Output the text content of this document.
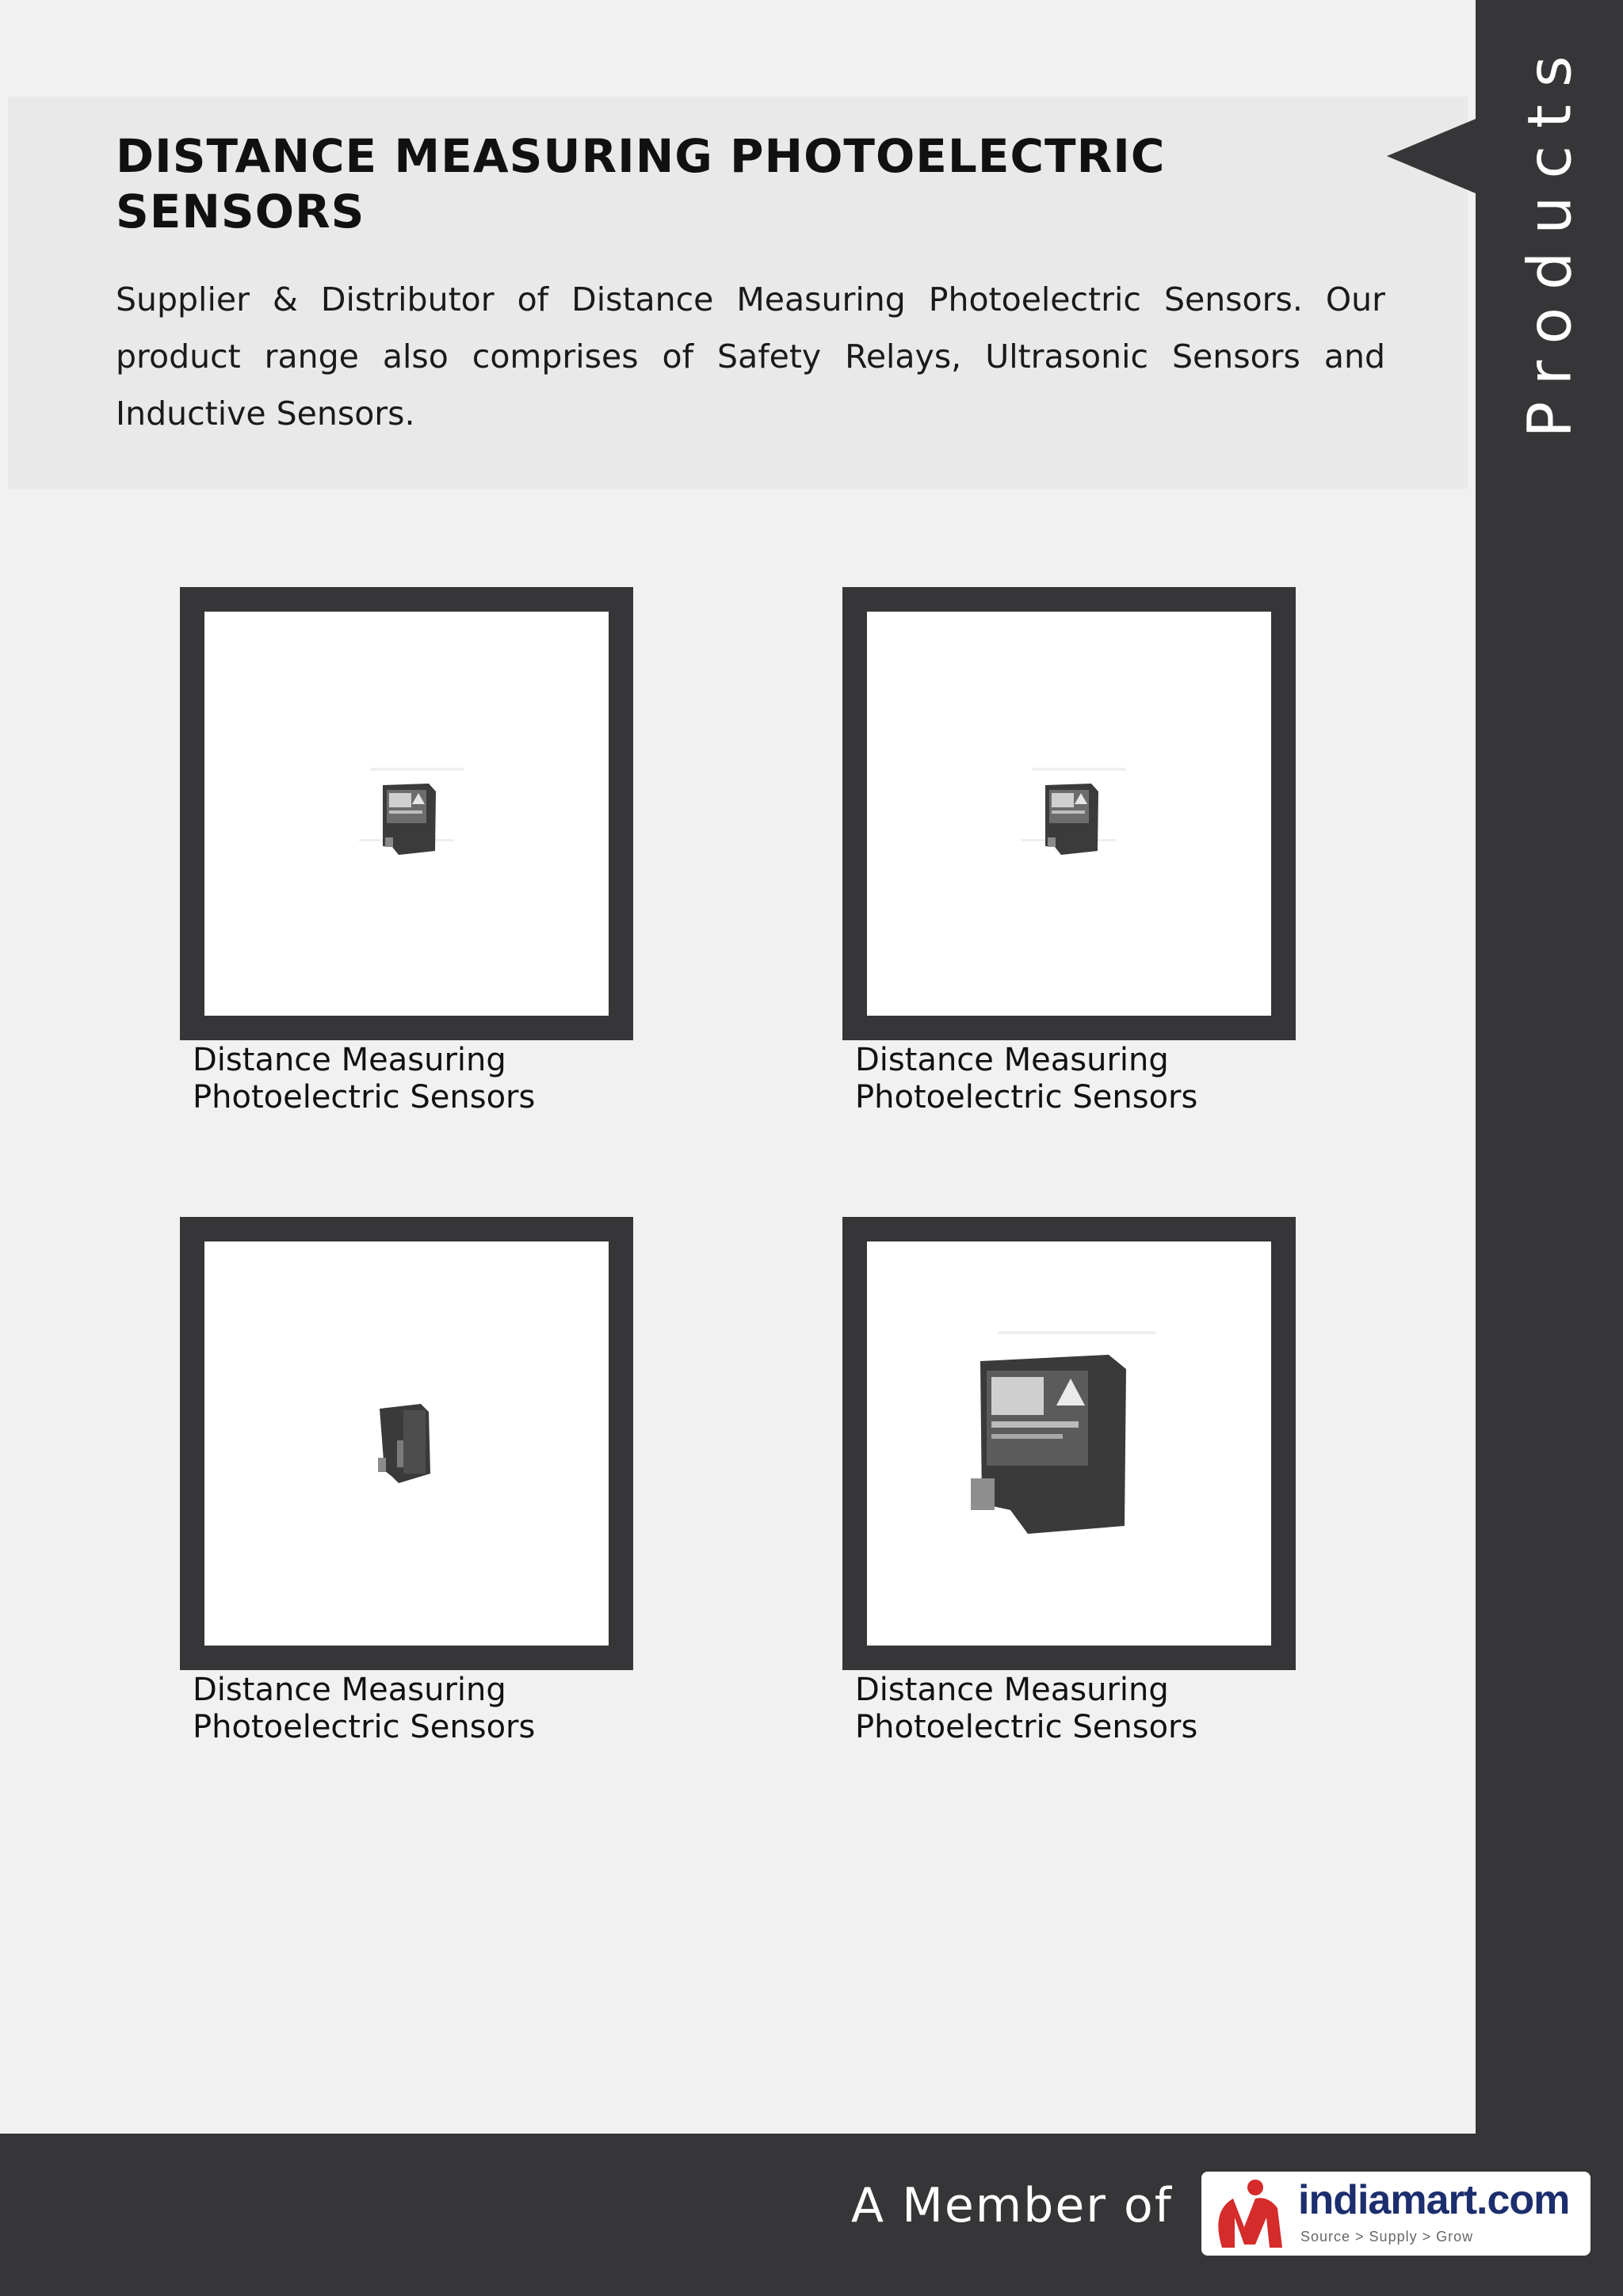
Products
DISTANCE MEASURING PHOTOELECTRIC SENSORS

Supplier & Distributor of Distance Measuring Photoelectric Sensors. Our product range also comprises of Safety Relays, Ultrasonic Sensors and Inductive Sensors.

Distance Measuring Photoelectric Sensors
Distance Measuring Photoelectric Sensors
Distance Measuring Photoelectric Sensors
Distance Measuring Photoelectric Sensors
A Member of	indiamart.com
Source > Supply > Grow
